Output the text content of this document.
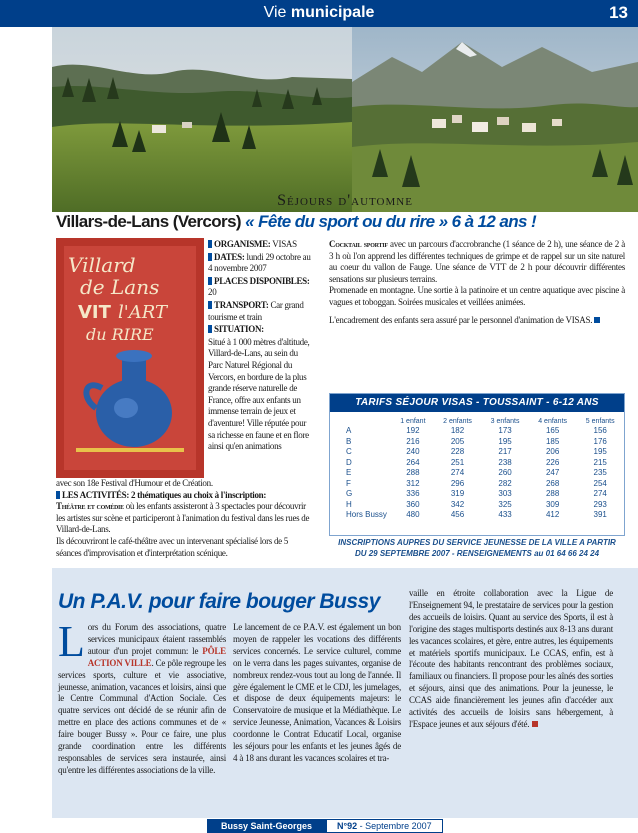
Vie municipale	13
Séjours d'automne
Villars-de-Lans (Vercors) « Fête du sport ou du rire » 6 à 12 ans !
Villard
de Lans
VIT l'ART
du RIRE

ORGANISME: VISAS

DATES: lundi 29 octobre au 4 novembre 2007

PLACES DISPONIBLES: 20

TRANSPORT: Car grand tourisme et train

SITUATION:

Situé à 1 000 mètres d'altitude, Villard-de-Lans, au sein du Parc Naturel Régional du Vercors, en bordure de la plus grande réserve naturelle de France, offre aux enfants un immense terrain de jeux et d'aventure! Ville réputée pour sa richesse en faune et en flore ainsi qu'en animations

avec son 18e Festival d'Humour et de Création.

LES ACTIVITÉS: 2 thématiques au choix à l'inscription:

Théâtre et comédie où les enfants assisteront à 3 spectacles pour découvrir les artistes sur scène et participeront à l'animation du festival dans les rues de Villard-de-Lans.

Ils découvriront le café-théâtre avec un intervenant spécialisé lors de 5 séances d'improvisation et d'interprétation scénique.

Cocktail sportif avec un parcours d'accrobranche (1 séance de 2 h), une séance de 2 à 3 h où l'on apprend les différentes techniques de grimpe et de rappel sur un site naturel au coeur du vallon de Fauge. Une séance de VTT de 2 h pour découvrir différentes sensations sur plusieurs terrains.
Promenade en montagne. Une sortie à la patinoire et un centre aquatique avec piscine à vagues et toboggan. Soirées musicales et veillées animées.

L'encadrement des enfants sera assuré par le personnel d'animation de VISAS.

TARIFS SÉJOUR VISAS - TOUSSAINT - 6-12 ANS
	1 enfant	2 enfants	3 enfants	4 enfants	5 enfants
A	192	182	173	165	156
B	216	205	195	185	176
C	240	228	217	206	195
D	264	251	238	226	215
E	288	274	260	247	235
F	312	296	282	268	254
G	336	319	303	288	274
H	360	342	325	309	293
Hors Bussy	480	456	433	412	391
INSCRIPTIONS AUPRES DU SERVICE JEUNESSE DE LA VILLE A PARTIR
DU 29 SEPTEMBRE 2007 - RENSEIGNEMENTS au 01 64 66 24 24
Un P.A.V. pour faire bouger Bussy
Lors du Forum des associations, quatre services municipaux étaient rassemblés autour d'un projet commun: le PÔLE ACTION VILLE. Ce pôle regroupe les services sports, culture et vie associative, jeunesse, animation, vacances et loisirs, ainsi que le Centre Communal d'Action Sociale. Ces quatre services ont décidé de se réunir afin de mettre en place des actions communes et de « faire bouger Bussy ». Pour ce faire, une plus grande coordination entre les différents responsables de services sera instaurée, ainsi qu'entre les différentes associations de la ville.
Le lancement de ce P.A.V. est également un bon moyen de rappeler les vocations des différents services concernés. Le service culturel, comme on le verra dans les pages suivantes, organise de nombreux rendez-vous tout au long de l'année. Il gère également le CME et le CDJ, les jumelages, et dispose de deux équipements majeurs: le Conservatoire de musique et la Médiathèque. Le service Jeunesse, Animation, Vacances & Loisirs coordonne le Contrat Educatif Local, organise les séjours pour les enfants et les jeunes âgés de 4 à 18 ans durant les vacances scolaires et tra-
vaille en étroite collaboration avec la Ligue de l'Enseignement 94, le prestataire de services pour la gestion des accueils de loisirs. Quant au service des Sports, il est à l'origine des stages multisports destinés aux 8-13 ans durant les vacances scolaires, et gère, entre autres, les équipements et matériels sportifs municipaux. Le CCAS, enfin, est à l'écoute des habitants rencontrant des problèmes sociaux, familiaux ou financiers. Il propose pour les aînés des sorties et séjours, ainsi que des animations. Pour la jeunesse, le CCAS aide financièrement les jeunes afin d'accéder aux activités des accueils de loisirs sans hébergement, à l'Espace jeunes et aux séjours d'été.
Bussy Saint-Georges	N°92 - Septembre 2007
